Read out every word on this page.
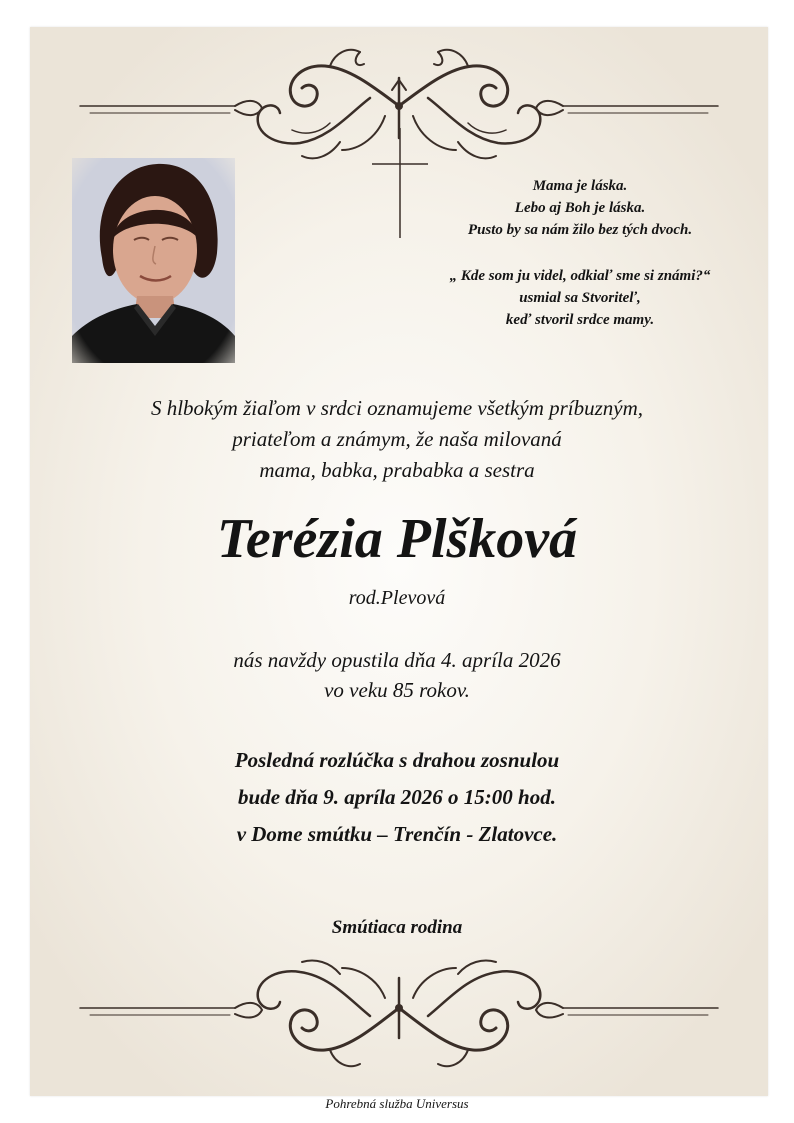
Mama je láska.
Lebo aj Boh je láska.
Pusto by sa nám žilo bez tých dvoch.
„ Kde som ju videl, odkiaľ sme si známi?“
usmial sa Stvoriteľ,
keď stvoril srdce mamy.
S hlbokým žiaľom v srdci oznamujeme všetkým príbuzným,
priateľom a známym, že naša milovaná
mama, babka, prababka a sestra
Terézia Plšková
rod.Plevová
nás navždy opustila dňa 4. apríla 2026
vo veku 85 rokov.
Posledná rozlúčka s drahou zosnulou
bude dňa 9. apríla 2026 o 15:00 hod.
v Dome smútku – Trenčín - Zlatovce.
Smútiaca rodina
Pohrebná služba Universus
